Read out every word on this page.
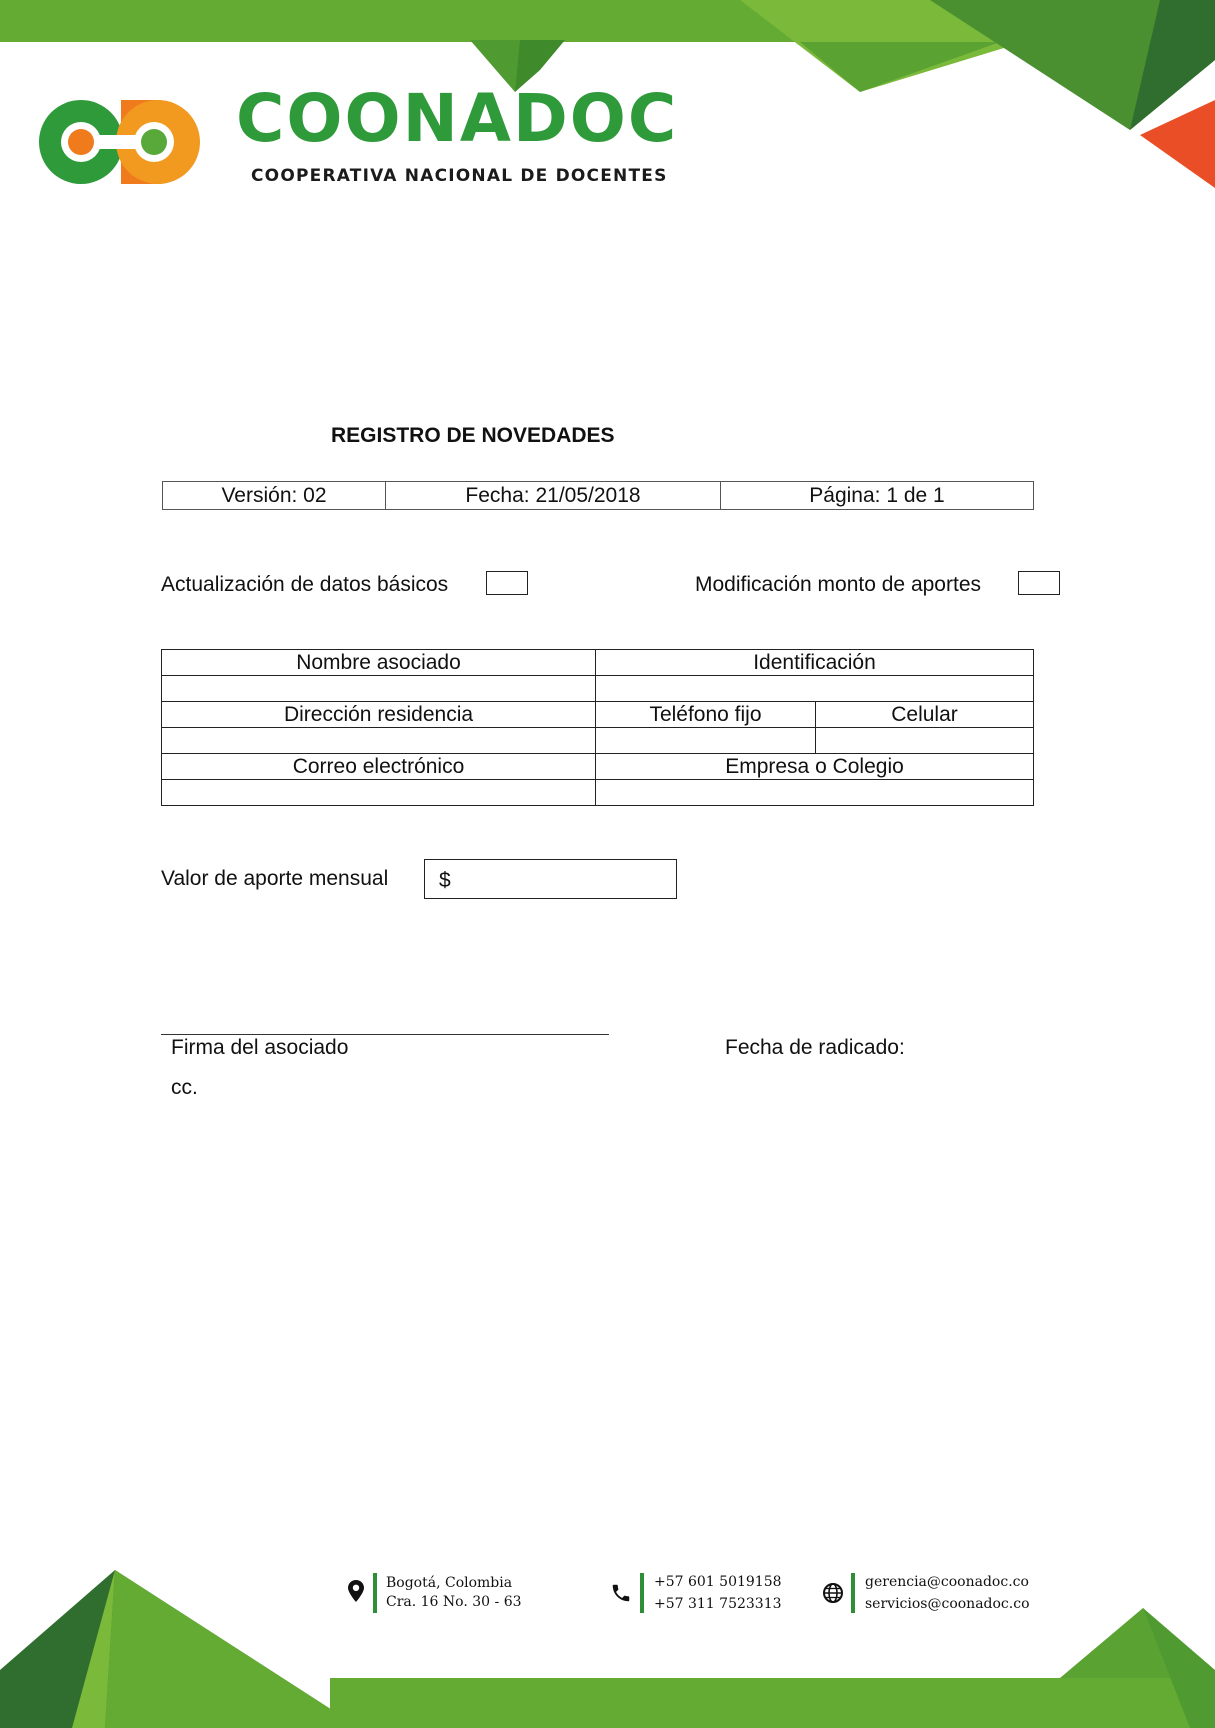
COONADOC
COOPERATIVA NACIONAL DE DOCENTES
REGISTRO DE NOVEDADES
Versión: 02	Fecha: 21/05/2018	Página: 1 de 1
Actualización de datos básicos	Modificación monto de aportes
Nombre asociado	Identificación	

Dirección residencia	Teléfono fijo	Celular

Correo electrónico	Empresa o Colegio	

Valor de aporte mensual	$
Firma del asociado
cc.
Fecha de radicado:
Bogotá, Colombia
Cra. 16 No. 30 - 63
+57 601 5019158
+57 311 7523313
gerencia@coonadoc.co
servicios@coonadoc.co
